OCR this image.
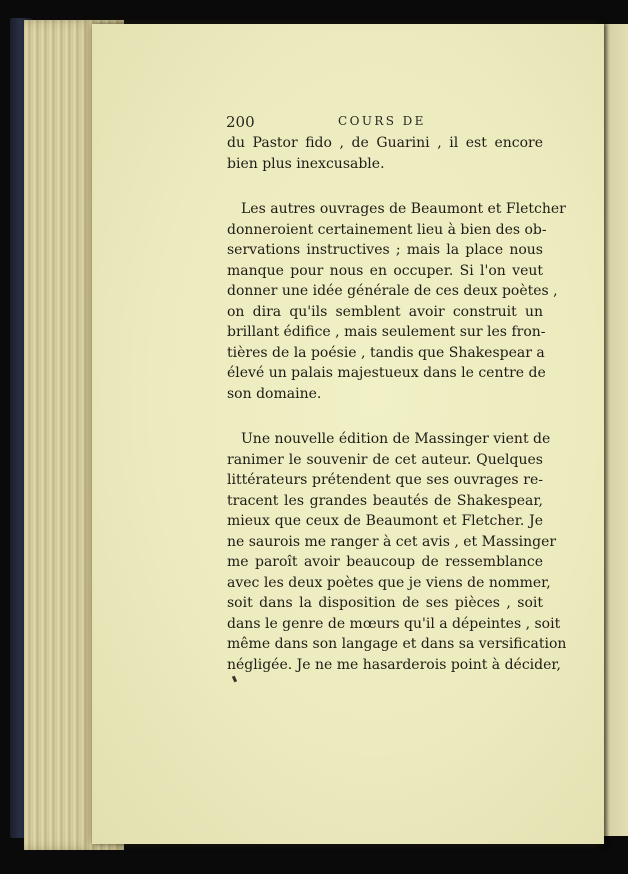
200	COURS DE
du Pastor fido , de Guarini , il est encore
bien plus inexcusable.
Les autres ouvrages de Beaumont et Fletcher
donneroient certainement lieu à bien des ob-
servations instructives ; mais la place nous
manque pour nous en occuper. Si l'on veut
donner une idée générale de ces deux poètes ,
on dira qu'ils semblent avoir construit un
brillant édifice , mais seulement sur les fron-
tières de la poésie , tandis que Shakespear a
élevé un palais majestueux dans le centre de
son domaine.
Une nouvelle édition de Massinger vient de
ranimer le souvenir de cet auteur. Quelques
littérateurs prétendent que ses ouvrages re-
tracent les grandes beautés de Shakespear,
mieux que ceux de Beaumont et Fletcher. Je
ne saurois me ranger à cet avis , et Massinger
me paroît avoir beaucoup de ressemblance
avec les deux poètes que je viens de nommer,
soit dans la disposition de ses pièces , soit
dans le genre de mœurs qu'il a dépeintes , soit
même dans son langage et dans sa versification
négligée. Je ne me hasarderois point à décider,
